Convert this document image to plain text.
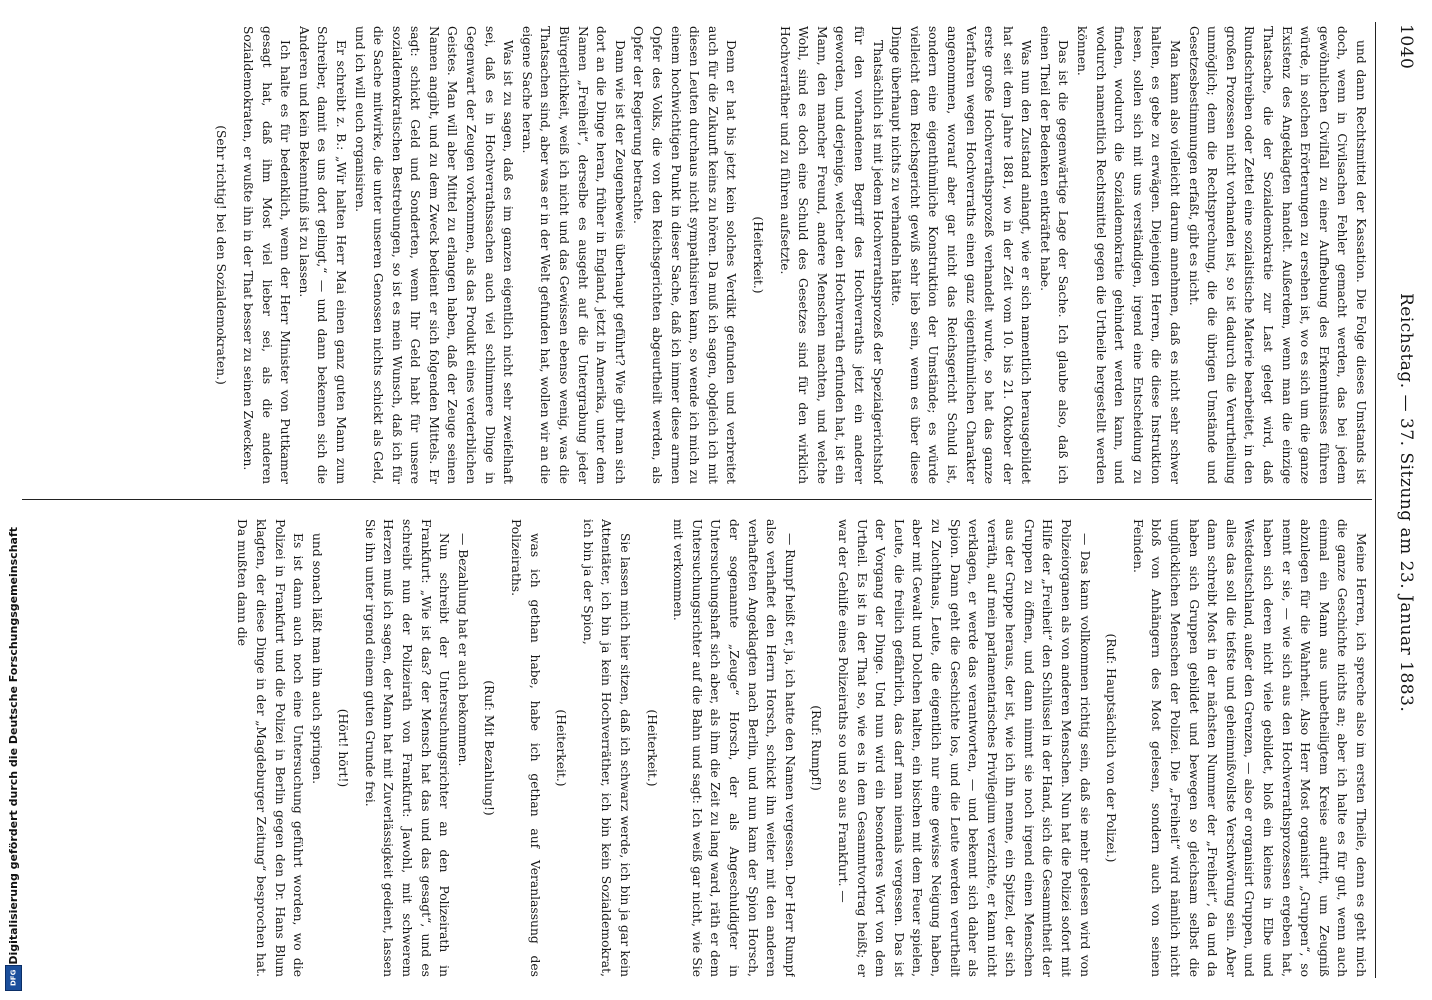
1040
Reichstag. — 37. Sitzung am 23. Januar 1883.

und dann Rechtsmittel der Kassation. Die Folge dieses Umstands ist doch, wenn in Civilsachen Fehler gemacht werden, das bei jedem gewöhnlichen Civilfall zu einer Aufhebung des Erkenntnisses führen würde, in solchen Erörterungen zu ersehen ist, wo es sich um die ganze Existenz des Angeklagten handelt. Außerdem, wenn man die einzige Thatsache, die der Sozialdemokratie zur Last gelegt wird, daß Rundschreiben oder Zettel eine sozialistische Materie bearbeitet, in den großen Prozessen nicht vorhanden ist, so ist dadurch die Verurtheilung unmöglich; denn die Rechtsprechung, die die übrigen Umstände und Gesetzesbestimmungen erfaßt, gibt es nicht.

Man kann also vielleicht darum annehmen, daß es nicht sehr schwer halten, es gebe zu erwägen. Diejenigen Herren, die diese Instruktion lesen, sollen sich mit uns verständigen, irgend eine Entscheidung zu finden, wodurch die Sozialdemokratie gehindert werden kann, und wodurch namentlich Rechtsmittel gegen die Urtheile hergestellt werden können.

Das ist die gegenwärtige Lage der Sache. Ich glaube also, daß ich einen Theil der Bedenken entkräftet habe.

Was nun den Zustand anlangt, wie er sich namentlich herausgebildet hat seit dem Jahre 1881, wo in der Zeit vom 10. bis 21. Oktober der erste große Hochverrathsprozeß verhandelt wurde, so hat das ganze Verfahren wegen Hochverraths einen ganz eigenthümlichen Charakter angenommen, worauf aber gar nicht das Reichsgericht Schuld ist, sondern eine eigenthümliche Konstruktion der Umstände; es würde vielleicht dem Reichsgericht gewiß sehr lieb sein, wenn es über diese Dinge überhaupt nichts zu verhandeln hätte.

Thatsächlich ist mit jedem Hochverrathsprozeß der Spezialgerichtshof für den vorhandenen Begriff des Hochverraths jetzt ein anderer geworden, und derjenige, welcher den Hochverrath erfunden hat, ist ein Mann, den mancher Freund, andere Menschen machten, und welche Wohl, sind es doch eine Schuld des Gesetzes sind für den wirklich Hochverräther und zu führen aufsetzte.

(Heiterkeit.)

Denn er hat bis jetzt kein solches Verdikt gefunden und verbreitet auch für die Zukunft keins zu hören. Da muß ich sagen, obgleich ich mit diesen Leuten durchaus nicht sympathisiren kann, so wende ich mich zu einem hochwichtigen Punkt in dieser Sache, daß ich immer diese armen Opfer des Volks, die von den Reichsgerichten abgeurtheilt werden, als Opfer der Regierung betrachte.

Dann wie ist der Zeugenbeweis überhaupt geführt? Wie gibt man sich dort an die Dinge heran, früher in England, jetzt in Amerika, unter dem Namen „Freiheit“, derselbe es ausgeht auf die Untergrabung jeder Bürgerlichkeit, weiß ich nicht und das Gewissen ebenso wenig, was die Thatsachen sind, aber was er in der Welt gefunden hat, wollen wir an die eigene Sache heran.

Was ist zu sagen, daß es im ganzen eigentlich nicht sehr zweifelhaft sei, daß es in Hochverrathssachen auch viel schlimmere Dinge in Gegenwart der Zeugen vorkommen, als das Produkt eines verderblichen Geistes. Man will aber Mittel zu erlangen haben, daß der Zeuge seinen Namen angibt, und zu dem Zweck bedient er sich folgenden Mittels. Er sagt: schickt Geld und Sonderten, wenn Ihr Geld habt für unsere sozialdemokratischen Bestrebungen, so ist es mein Wunsch, daß ich für die Sache mitwirke, die unter unseren Genossen nichts schickt als Geld, und ich will euch organisiren.

Er schreibt z. B.: „Wir halten Herr Mai einen ganz guten Mann zum Schreiber, damit es uns dort gelingt,“ — und dann bekennen sich die Anderen und kein Bekenntniß ist zu lassen.

Ich halte es für bedenklich, wenn der Herr Minister von Puttkamer gesagt hat, daß ihm Most viel lieber sei, als die anderen Sozialdemokraten, er wußte ihn in der That besser zu seinen Zwecken.

(Sehr richtig! bei den Sozialdemokraten.)

Meine Herren, ich spreche also im ersten Theile, denn es geht mich die ganze Geschichte nichts an; aber ich halte es für gut, wenn auch einmal ein Mann aus unbetheiligtem Kreise auftritt, um Zeugniß abzulegen für die Wahrheit. Also Herr Most organisirt „Gruppen“, so nennt er sie, — wie sich aus den Hochverrathsprozessen ergeben hat, haben sich deren nicht viele gebildet, bloß ein kleines in Elbe und Westdeutschland, außer den Grenzen, — also er organisirt Gruppen, und alles das soll die tiefste und geheimnißvollste Verschwörung sein. Aber dann schreibt Most in der nächsten Nummer der „Freiheit“, da und da haben sich Gruppen gebildet und bewegen so gleichsam selbst die unglücklichen Menschen der Polizei. Die „Freiheit“ wird nämlich nicht bloß von Anhängern des Most gelesen, sondern auch von seinen Feinden.

(Ruf: Hauptsächlich von der Polizei.)

— Das kann vollkommen richtig sein, daß sie mehr gelesen wird von Polizeiorganen als von anderen Menschen. Nun hat die Polizei sofort mit Hilfe der „Freiheit“ den Schlüssel in der Hand, sich die Gesammtheit der Gruppen zu öffnen, und dann nimmt sie noch irgend einen Menschen aus der Gruppe heraus, der ist, wie ich ihn nenne, ein Spitzel, der sich verräth, auf mein parlamentarisches Privilegium verzichte, er kann nicht verklagen, er werde das verantworten, — und bekennt sich daher als Spion. Dann geht die Geschichte los, und die Leute werden verurtheilt zu Zuchthaus, Leute, die eigentlich nur eine gewisse Neigung haben, aber mit Gewalt und Dolchen halten, ein bischen mit dem Feuer spielen, Leute, die freilich gefährlich, das darf man niemals vergessen. Das ist der Vorgang der Dinge. Und nun wird ein besonderes Wort von dem Urtheil. Es ist in der That so, wie es in dem Gesammtvortrag heißt; er war der Gehilfe eines Polizeiraths so und so aus Frankfurt. —

(Ruf: Rumpf!)

— Rumpf heißt er, ja, ich hatte den Namen vergessen. Der Herr Rumpf also verhaftet den Herrn Horsch, schickt ihn weiter mit den anderen verhafteten Angeklagten nach Berlin, und nun kam der Spion Horsch, der sogenannte „Zeuge“ Horsch, der als Angeschuldigter in Untersuchungshaft sich aber, als ihm die Zeit zu lang ward, räth er dem Untersuchungsrichter auf die Bahn und sagt: Ich weiß gar nicht, wie Sie mit verkommen.

(Heiterkeit.)

Sie lassen mich hier sitzen, daß ich schwarz werde, ich bin ja gar kein Attentäter, ich bin ja kein Hochverräther, ich bin kein Sozialdemokrat, ich bin ja der Spion,

(Heiterkeit.)

was ich gethan habe, habe ich gethan auf Veranlassung des Polizeiraths.

(Ruf: Mit Bezahlung!)

— Bezahlung hat er auch bekommen.

Nun schreibt der Untersuchungsrichter an den Polizeirath in Frankfurt: „Wie ist das? der Mensch hat das und das gesagt“, und es schreibt nun der Polizeirath von Frankfurt: Jawohl, mit schwerem Herzen muß ich sagen, der Mann hat mit Zuverlässigkeit gedient, lassen Sie ihn unter irgend einem guten Grunde frei.

(Hört! hört!)

und sonach läßt man ihn auch springen.

Es ist dann auch noch eine Untersuchung geführt worden, wo die Polizei in Frankfurt und die Polizei in Berlin gegen den Dr. Hans Blum klagten, der diese Dinge in der „Magdeburger Zeitung“ besprochen hat. Da mußten dann die

DFG
Digitalisierung gefördert durch die Deutsche Forschungsgemeinschaft
